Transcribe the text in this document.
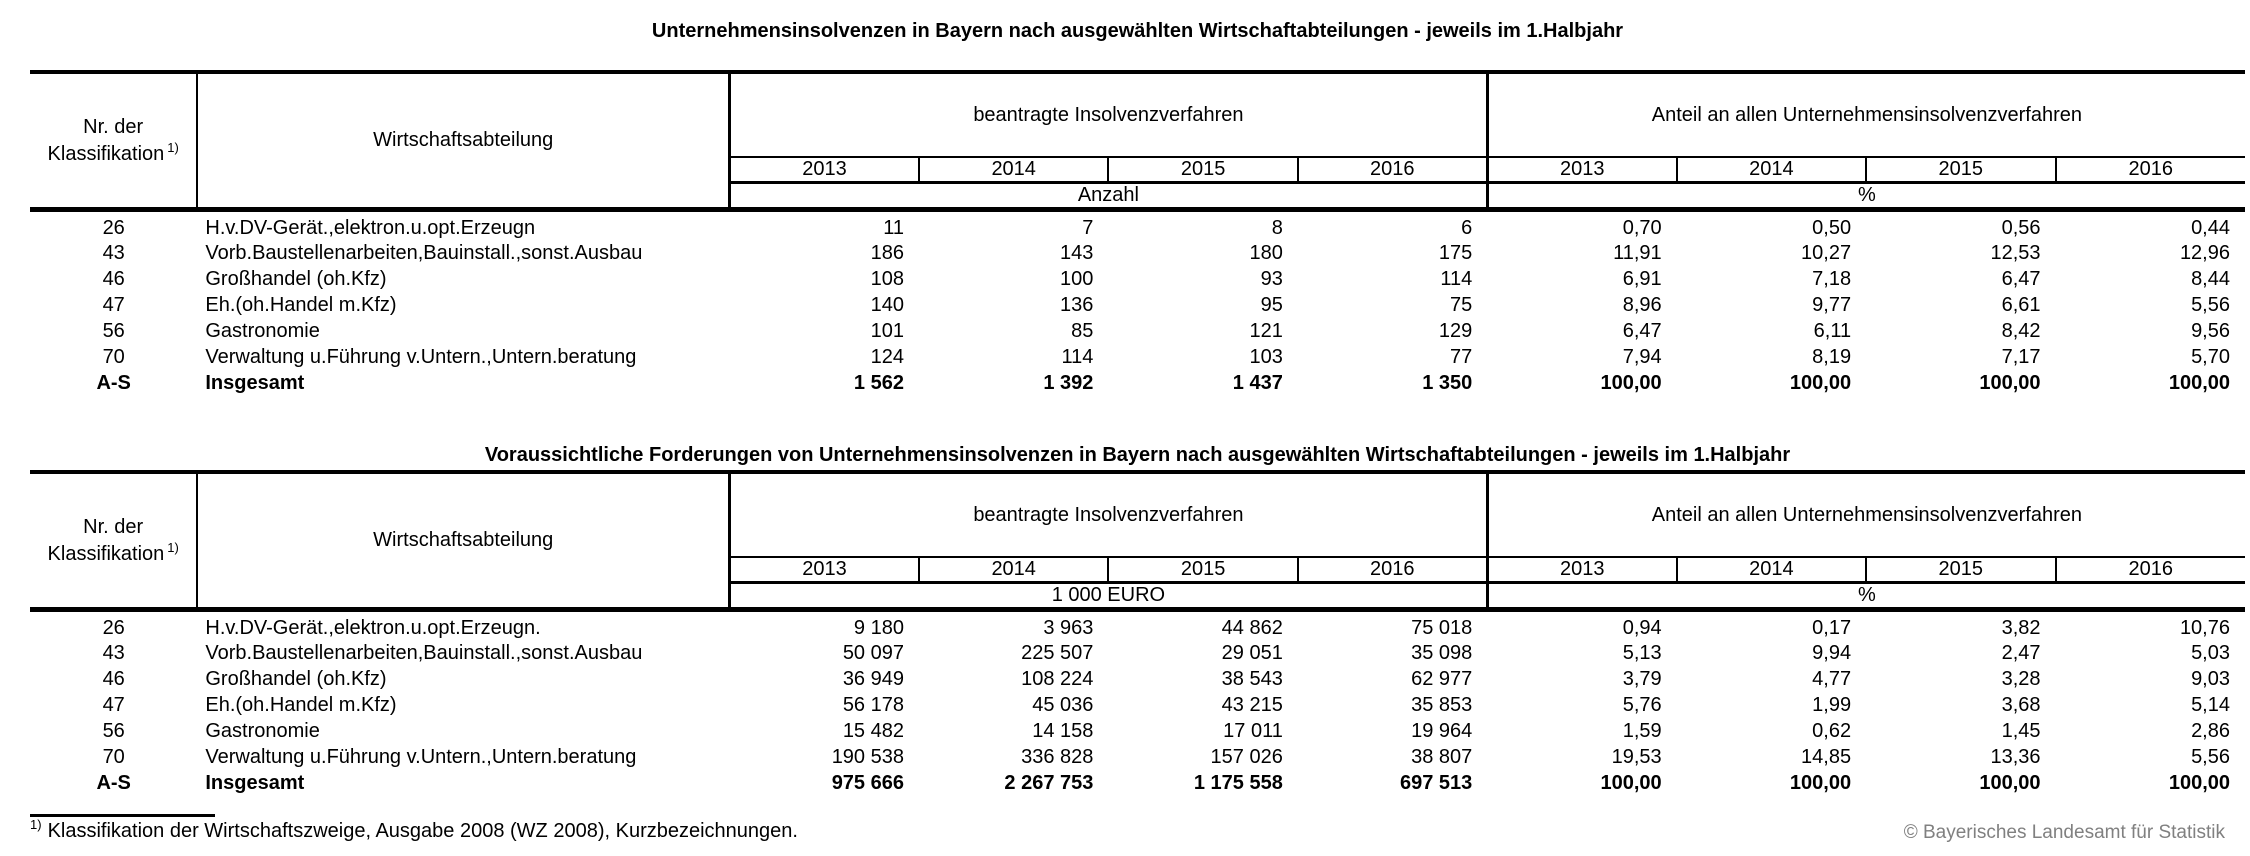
Unternehmensinsolvenzen in Bayern nach ausgewählten Wirtschaftabteilungen - jeweils im 1.Halbjahr
Nr. der
Klassifikation $^{1)}$	Wirtschaftsabteilung	beantragte Insolvenzverfahren				Anteil an allen Unternehmensinsolvenzverfahren			
		2013	2014	2015	2016	2013	2014	2015	2016
		Anzahl				%			
26	H.v.DV-Gerät.,elektron.u.opt.Erzeugn	11	7	8	6	0,70	0,50	0,56	0,44
43	Vorb.Baustellenarbeiten,Bauinstall.,sonst.Ausbau	186	143	180	175	11,91	10,27	12,53	12,96
46	Großhandel (oh.Kfz)	108	100	93	114	6,91	7,18	6,47	8,44
47	Eh.(oh.Handel m.Kfz)	140	136	95	75	8,96	9,77	6,61	5,56
56	Gastronomie	101	85	121	129	6,47	6,11	8,42	9,56
70	Verwaltung u.Führung v.Untern.,Untern.beratung	124	114	103	77	7,94	8,19	7,17	5,70
A-S	Insgesamt	1 562	1 392	1 437	1 350	100,00	100,00	100,00	100,00
Voraussichtliche Forderungen von Unternehmensinsolvenzen in Bayern nach ausgewählten Wirtschaftabteilungen - jeweils im 1.Halbjahr
Nr. der
Klassifikation $^{1)}$	Wirtschaftsabteilung	beantragte Insolvenzverfahren				Anteil an allen Unternehmensinsolvenzverfahren			
		2013	2014	2015	2016	2013	2014	2015	2016
		1 000 EURO				%			
26	H.v.DV-Gerät.,elektron.u.opt.Erzeugn.	9 180	3 963	44 862	75 018	0,94	0,17	3,82	10,76
43	Vorb.Baustellenarbeiten,Bauinstall.,sonst.Ausbau	50 097	225 507	29 051	35 098	5,13	9,94	2,47	5,03
46	Großhandel (oh.Kfz)	36 949	108 224	38 543	62 977	3,79	4,77	3,28	9,03
47	Eh.(oh.Handel m.Kfz)	56 178	45 036	43 215	35 853	5,76	1,99	3,68	5,14
56	Gastronomie	15 482	14 158	17 011	19 964	1,59	0,62	1,45	2,86
70	Verwaltung u.Führung v.Untern.,Untern.beratung	190 538	336 828	157 026	38 807	19,53	14,85	13,36	5,56
A-S	Insgesamt	975 666	2 267 753	1 175 558	697 513	100,00	100,00	100,00	100,00
$^{1)}$ Klassifikation der Wirtschaftszweige, Ausgabe 2008 (WZ 2008), Kurzbezeichnungen.	© Bayerisches Landesamt für Statistik
